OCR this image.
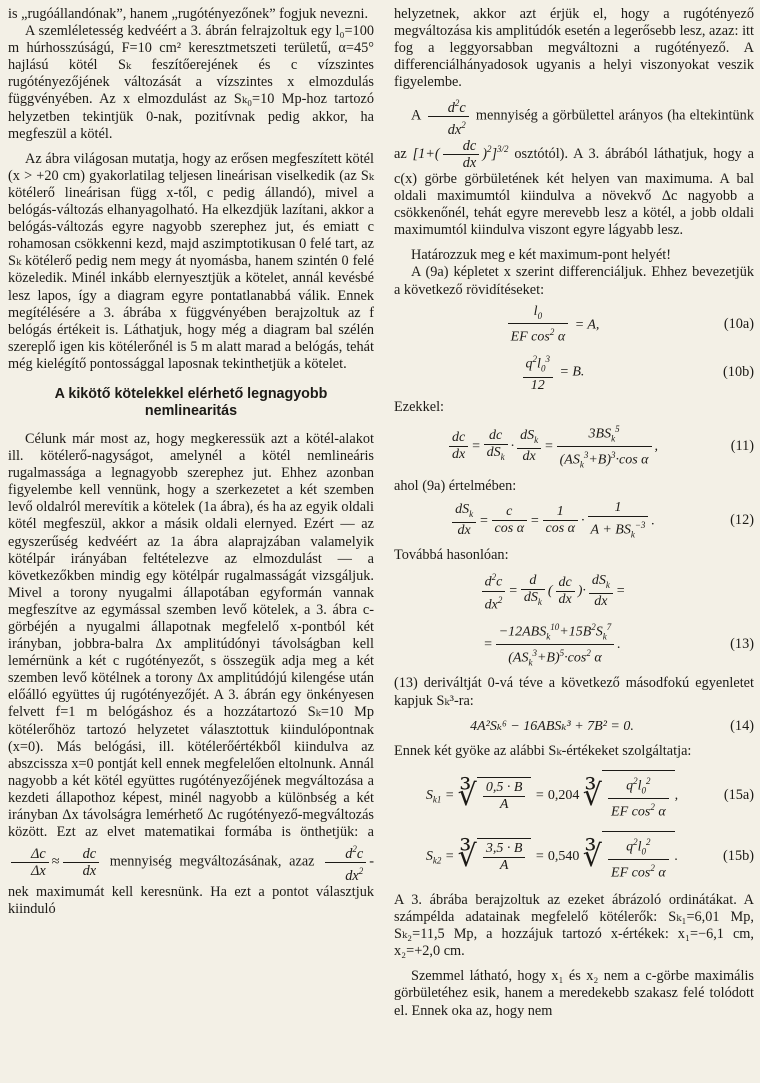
is „rugóállandónak”, hanem „rugótényezőnek” fogjuk nevezni.

A szemléletesség kedvéért a 3. ábrán felrajzoltuk egy l₀=100 m húrhosszúságú, F=10 cm² keresztmetszeti területű, α=45° hajlású kötél Sₖ feszítőerejének és c vízszintes rugótényezőjének változását a vízszintes x elmozdulás függvényében. Az x elmozdulást az Sₖ₀=10 Mp-hoz tartozó helyzetben tekintjük 0-nak, pozitívnak pedig akkor, ha megfeszül a kötél.

Az ábra világosan mutatja, hogy az erősen megfeszített kötél (x > +20 cm) gyakorlatilag teljesen lineárisan viselkedik (az Sₖ kötélerő lineárisan függ x-től, c pedig állandó), mivel a belógás-változás elhanyagolható. Ha elkezdjük lazítani, akkor a belógás-változás egyre nagyobb szerephez jut, és emiatt c rohamosan csökkenni kezd, majd aszimptotikusan 0 felé tart, az Sₖ kötélerő pedig nem megy át nyomásba, hanem szintén 0 felé közeledik. Minél inkább elernyesztjük a kötelet, annál kevésbé lesz lapos, így a diagram egyre pontatlanabbá válik. Ennek megítélésére a 3. ábrába x függvényében berajzoltuk az f belógás értékeit is. Láthatjuk, hogy még a diagram bal szélén szereplő igen kis kötélerőnél is 5 m alatt marad a belógás, tehát még kielégítő pontossággal laposnak tekinthetjük a kötelet.

A kikötő kötelekkel elérhető legnagyobb nemlinearitás

Célunk már most az, hogy megkeressük azt a kötél-alakot ill. kötélerő-nagyságot, amelynél a kötél nemlineáris rugalmassága a legnagyobb szerephez jut. Ehhez azonban figyelembe kell vennünk, hogy a szerkezetet a két szemben levő oldalról merevítik a kötelek (1a ábra), és ha az egyik oldali kötél megfeszül, akkor a másik oldali elernyed. Ezért — az egyszerűség kedvéért az 1a ábra alaprajzában valamelyik kötélpár irányában feltételezve az elmozdulást — a következőkben mindig egy kötélpár rugalmasságát vizsgáljuk. Mivel a torony nyugalmi állapotában egyformán vannak megfeszítve az egymással szemben levő kötelek, a 3. ábra c-görbéjén a nyugalmi állapotnak megfelelő x-pontból két irányban, jobbra-balra Δx amplitúdónyi távolságban kell lemérnünk a két c rugótényezőt, s összegük adja meg a két szemben levő kötélnek a torony Δx amplitúdójú kilengése után előálló együttes új rugótényezőjét. A 3. ábrán egy önkényesen felvett f=1 m belógáshoz és a hozzátartozó Sₖ=10 Mp kötélerőhöz tartozó helyzetet választottuk kiindulópontnak (x=0). Más belógási, ill. kötélerőértékből kiindulva az abszcissza x=0 pontját kell ennek megfelelően eltolnunk. Annál nagyobb a két kötél együttes rugótényezőjének megváltozása a kezdeti állapothoz képest, minél nagyobb a különbség a két irányban Δx távolságra lemérhető Δc rugótényező-megváltozás között. Ezt az elvet matematikai formába is önthetjük: a
$\frac{\Delta c}{\Delta x} \approx \frac{dc}{dx}$ mennyiség megváltozásának, azaz $\frac{d^2c}{dx^2} -nek$ maximumát kell keresnünk. Ha ezt a pontot választjuk kiinduló

helyzetnek, akkor azt érjük el, hogy a rugótényező megváltozása kis amplitúdók esetén a legerősebb lesz, azaz: itt fog a leggyorsabban megváltozni a rugótényező. A differenciálhányadosok ugyanis a helyi viszonyokat veszik figyelembe.

A $\frac{d^2c}{dx^2}$ mennyiség a görbülettel arányos (ha eltekintünk az $[1+( \frac{dc}{dx} )^2]^{3/2}$ osztótól). A 3. ábrából láthatjuk, hogy a c(x) görbe görbületének két helyen van maximuma. A bal oldali maximumtól kiindulva a növekvő Δc nagyobb a csökkenőnél, tehát egyre merevebb lesz a kötél, a jobb oldali maximumtól kiindulva viszont egyre lágyabb lesz.

Határozzuk meg e két maximum-pont helyét!

A (9a) képletet x szerint differenciáljuk. Ehhez bevezetjük a következő rövidítéseket:

$\frac{l_0}{EF \cos^2 \alpha} = A$,	(10a)
$\frac{q^2l_0^3}{12} = B$.	(10b)

Ezekkel:

$\frac{dc}{dx} = \frac{dc}{dS_k} \cdot \frac{dS_k}{dx} = \frac{3BS_k^5}{(AS_k^3+B)^3\cdot\cos \alpha}$ ,	(11)

ahol (9a) értelmében:

$\frac{dS_k}{dx} = \frac{c}{\text{cos α}} = \frac{1}{\text{cos α}} \cdot \frac{1}{A + BS_k^{-3}}$ .	(12)

Továbbá hasonlóan:

$\frac{d^2c}{dx^2} = \frac{d}{dS_k}$ ( $\frac{dc}{dx}$ )· $\frac{dS_k}{dx}$ =
= $\frac{-12ABS_k^{10}+15B^2S_k^7}{(AS_k^3+B)^5\cdot\cos^2 \alpha}$ .	(13)

(13) deriváltját 0-vá téve a következő másodfokú egyenletet kapjuk Sₖ³-ra:

4A²Sₖ⁶ − 16ABSₖ³ + 7B² = 0.	(14)

Ennek két gyöke az alábbi Sₖ-értékeket szolgáltatja:

$S_{k1}$ = ∛ $\frac{0,5 \cdot B}{A} = 0,204$ ∛ $\frac{q^2l_0^2}{EF \cos^2 \alpha}$ ,	(15a)
$S_{k2}$ = ∛ $\frac{3,5 \cdot B}{A} = 0,540$ ∛ $\frac{q^2l_0^2}{EF \cos^2 \alpha}$ .	(15b)

A 3. ábrába berajzoltuk az ezeket ábrázoló ordinátákat. A számpélda adatainak megfelelő kötélerők: Sₖ₁=6,01 Mp, Sₖ₂=11,5 Mp, a hozzájuk tartozó x-értékek: x₁=−6,1 cm, x₂=+2,0 cm.

Szemmel látható, hogy x₁ és x₂ nem a c-görbe maximális görbületéhez esik, hanem a meredekebb szakasz felé tolódott el. Ennek oka az, hogy nem
